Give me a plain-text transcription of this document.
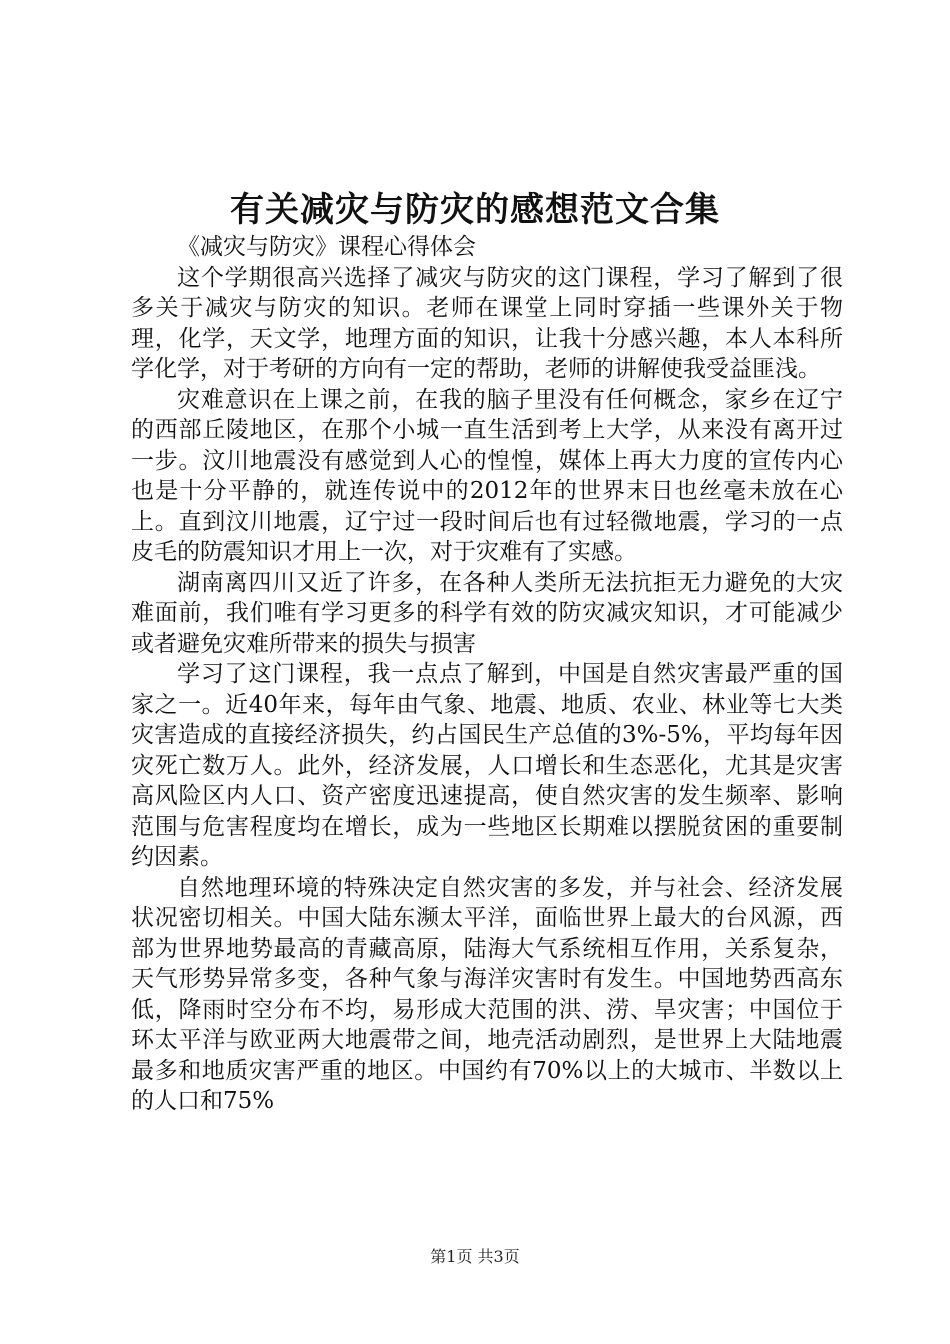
有关减灾与防灾的感想范文合集

《减灾与防灾》课程心得体会

这个学期很高兴选择了减灾与防灾的这门课程，学习了解到了很多关于减灾与防灾的知识。老师在课堂上同时穿插一些课外关于物理，化学，天文学，地理方面的知识，让我十分感兴趣，本人本科所学化学，对于考研的方向有一定的帮助，老师的讲解使我受益匪浅。

灾难意识在上课之前，在我的脑子里没有任何概念，家乡在辽宁的西部丘陵地区，在那个小城一直生活到考上大学，从来没有离开过一步。汶川地震没有感觉到人心的惶惶，媒体上再大力度的宣传内心也是十分平静的，就连传说中的2012年的世界末日也丝毫未放在心上。直到汶川地震，辽宁过一段时间后也有过轻微地震，学习的一点皮毛的防震知识才用上一次，对于灾难有了实感。

湖南离四川又近了许多，在各种人类所无法抗拒无力避免的大灾难面前，我们唯有学习更多的科学有效的防灾减灾知识，才可能减少或者避免灾难所带来的损失与损害

学习了这门课程，我一点点了解到，中国是自然灾害最严重的国家之一。近40年来，每年由气象、地震、地质、农业、林业等七大类灾害造成的直接经济损失，约占国民生产总值的3%-5%，平均每年因灾死亡数万人。此外，经济发展，人口增长和生态恶化，尤其是灾害高风险区内人口、资产密度迅速提高，使自然灾害的发生频率、影响范围与危害程度均在增长，成为一些地区长期难以摆脱贫困的重要制约因素。

自然地理环境的特殊决定自然灾害的多发，并与社会、经济发展状况密切相关。中国大陆东濒太平洋，面临世界上最大的台风源，西部为世界地势最高的青藏高原，陆海大气系统相互作用，关系复杂，天气形势异常多变，各种气象与海洋灾害时有发生。中国地势西高东低，降雨时空分布不均，易形成大范围的洪、涝、旱灾害；中国位于环太平洋与欧亚两大地震带之间，地壳活动剧烈，是世界上大陆地震最多和地质灾害严重的地区。中国约有70%以上的大城市、半数以上的人口和75%

第1页 共3页
